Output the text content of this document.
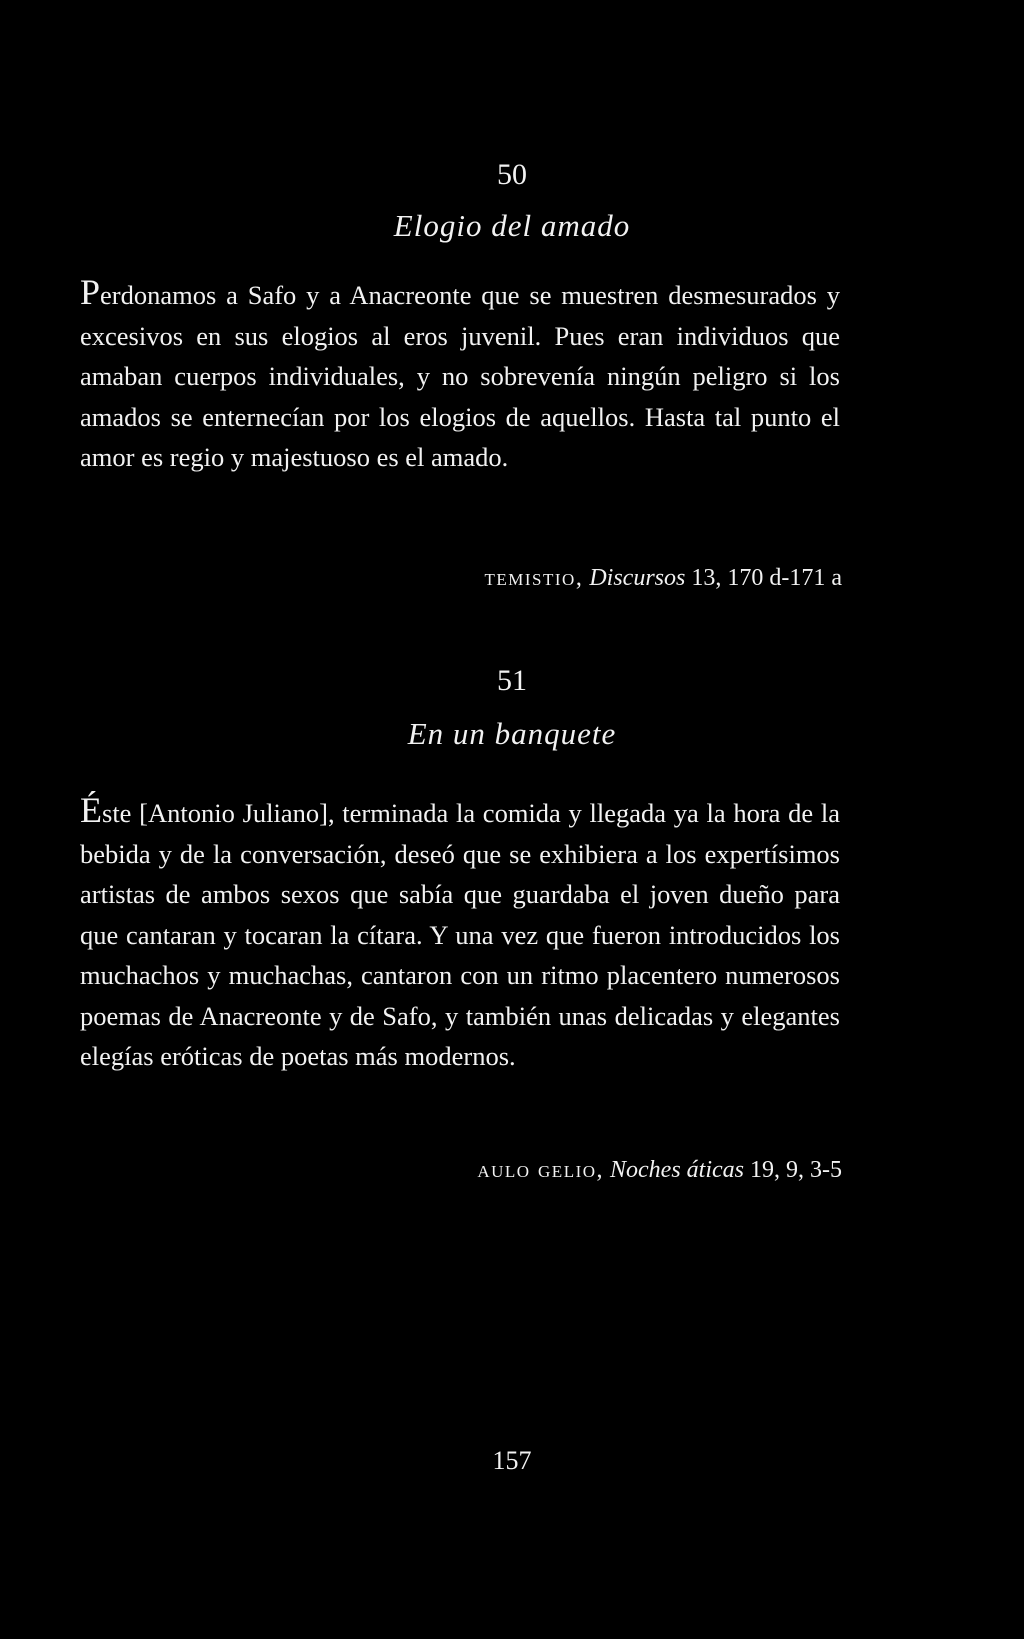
50
Elogio del amado

Perdonamos a Safo y a Anacreonte que se muestren desmesurados y excesivos en sus elogios al eros juvenil. Pues eran individuos que amaban cuerpos individuales, y no sobrevenía ningún peligro si los amados se enternecían por los elogios de aquellos. Hasta tal punto el amor es regio y majestuoso es el amado.

temistio, Discursos 13, 170 d-171 a
51
En un banquete

Éste [Antonio Juliano], terminada la comida y llegada ya la hora de la bebida y de la conversación, deseó que se exhibiera a los expertísimos artistas de ambos sexos que sabía que guardaba el joven dueño para que cantaran y tocaran la cítara. Y una vez que fueron introducidos los muchachos y muchachas, cantaron con un ritmo placentero numerosos poemas de Anacreonte y de Safo, y también unas delicadas y elegantes elegías eróticas de poetas más modernos.

aulo gelio, Noches áticas 19, 9, 3-5
157
